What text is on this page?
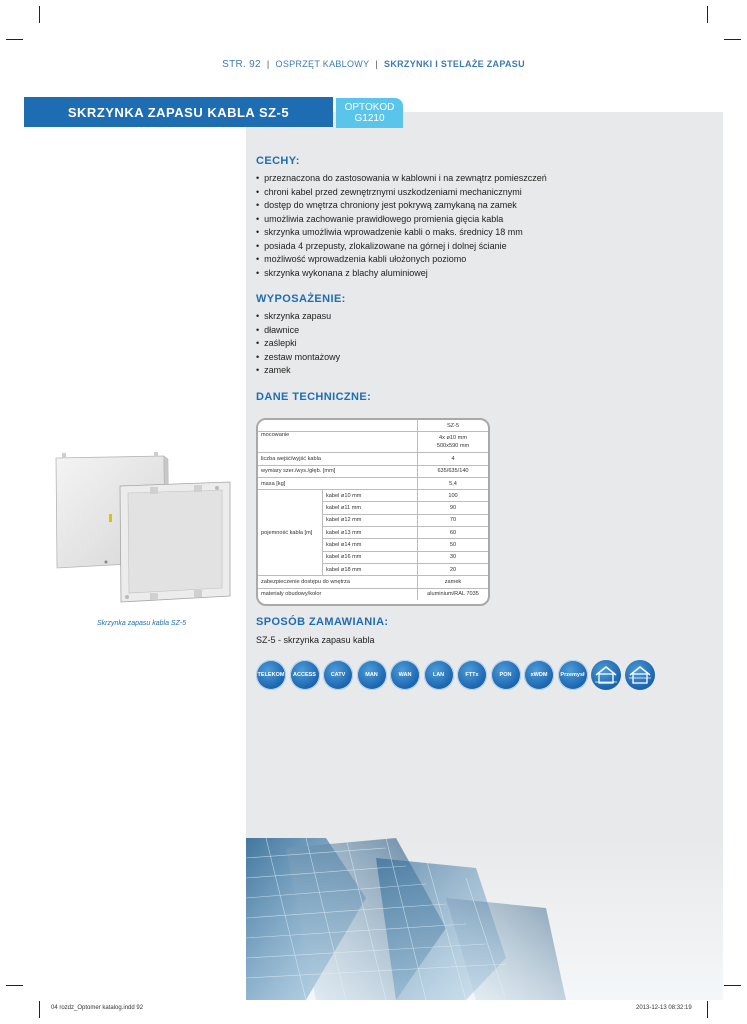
STR. 92 | OSPRZĘT KABLOWY | SKRZYNKI I STELAŻE ZAPASU
SKRZYNKA ZAPASU KABLA SZ-5	OPTOKOD
G1210
CECHY:
• przeznaczona do zastosowania w kablowni i na zewnątrz pomieszczeń
• chroni kabel przed zewnętrznymi uszkodzeniami mechanicznymi
• dostęp do wnętrza chroniony jest pokrywą zamykaną na zamek
• umożliwia zachowanie prawidłowego promienia gięcia kabla
• skrzynka umożliwia wprowadzenie kabli o maks. średnicy 18 mm
• posiada 4 przepusty, zlokalizowane na górnej i dolnej ścianie
• możliwość wprowadzenia kabli ułożonych poziomo
• skrzynka wykonana z blachy aluminiowej
WYPOSAŻENIE:
• skrzynka zapasu
• dławnice
• zaślepki
• zestaw montażowy
• zamek
DANE TECHNICZNE:
		SZ-5
mocowanie		4x ø10 mm
500x590 mm

liczba wejść/wyjść kabla		4
wymiary szer./wys./głęb. [mm]		635/635/140
masa [kg]		5,4
pojemność kabla [m]	kabel ø10 mm	100
	kabel ø11 mm	90
	kabel ø12 mm	70
	kabel ø13 mm	60
	kabel ø14 mm	50
	kabel ø16 mm	30
	kabel ø18 mm	20
zabezpieczenie dostępu do wnętrza		zamek
materiały obudowy/kolor		aluminium/RAL 7035
Skrzynka zapasu kabla SZ-5	SPOSÓB ZAMAWIANIA:
SZ-5 - skrzynka zapasu kabla
TELEKOM	ACCESS	CATV	MAN	WAN	LAN	FTTx	PON	xWDM	Przemysł
04 rozdz_Optomer katalog.indd 92	2013-12-13 08:32:19
